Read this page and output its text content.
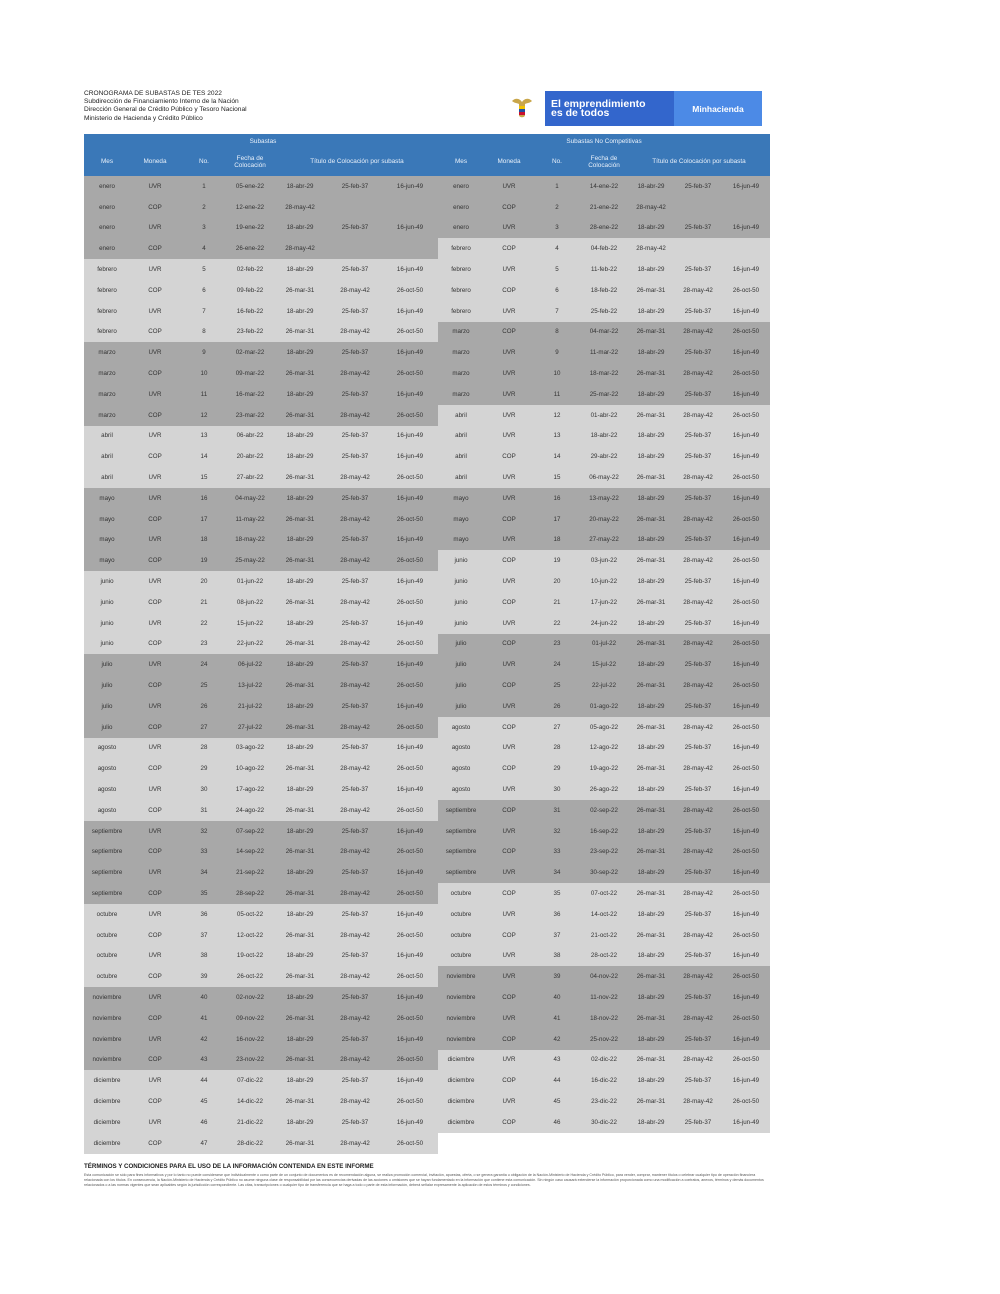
CRONOGRAMA DE SUBASTAS DE TES 2022
Subdirección de Financiamiento Interno de la Nación
Dirección General de Crédito Público y Tesoro Nacional
Ministerio de Hacienda y Crédito Público
El emprendimiento
es de todos	Minhacienda
Subastas
Mes	Moneda	No.
Fecha de Colocación
Título de Colocación por subasta
enero	UVR	1	05-ene-22	18-abr-29	25-feb-37	16-jun-49
enero	COP	2	12-ene-22	28-may-42
enero	UVR	3	19-ene-22	18-abr-29	25-feb-37	16-jun-49
enero	COP	4	26-ene-22	28-may-42
febrero	UVR	5	02-feb-22	18-abr-29	25-feb-37	16-jun-49
febrero	COP	6	09-feb-22	26-mar-31	28-may-42	26-oct-50
febrero	UVR	7	16-feb-22	18-abr-29	25-feb-37	16-jun-49
febrero	COP	8	23-feb-22	26-mar-31	28-may-42	26-oct-50
marzo	UVR	9	02-mar-22	18-abr-29	25-feb-37	16-jun-49
marzo	COP	10	09-mar-22	26-mar-31	28-may-42	26-oct-50
marzo	UVR	11	16-mar-22	18-abr-29	25-feb-37	16-jun-49
marzo	COP	12	23-mar-22	26-mar-31	28-may-42	26-oct-50
abril	UVR	13	06-abr-22	18-abr-29	25-feb-37	16-jun-49
abril	COP	14	20-abr-22	18-abr-29	25-feb-37	16-jun-49
abril	UVR	15	27-abr-22	26-mar-31	28-may-42	26-oct-50
mayo	UVR	16	04-may-22	18-abr-29	25-feb-37	16-jun-49
mayo	COP	17	11-may-22	26-mar-31	28-may-42	26-oct-50
mayo	UVR	18	18-may-22	18-abr-29	25-feb-37	16-jun-49
mayo	COP	19	25-may-22	26-mar-31	28-may-42	26-oct-50
junio	UVR	20	01-jun-22	18-abr-29	25-feb-37	16-jun-49
junio	COP	21	08-jun-22	26-mar-31	28-may-42	26-oct-50
junio	UVR	22	15-jun-22	18-abr-29	25-feb-37	16-jun-49
junio	COP	23	22-jun-22	26-mar-31	28-may-42	26-oct-50
julio	UVR	24	06-jul-22	18-abr-29	25-feb-37	16-jun-49
julio	COP	25	13-jul-22	26-mar-31	28-may-42	26-oct-50
julio	UVR	26	21-jul-22	18-abr-29	25-feb-37	16-jun-49
julio	COP	27	27-jul-22	26-mar-31	28-may-42	26-oct-50
agosto	UVR	28	03-ago-22	18-abr-29	25-feb-37	16-jun-49
agosto	COP	29	10-ago-22	26-mar-31	28-may-42	26-oct-50
agosto	UVR	30	17-ago-22	18-abr-29	25-feb-37	16-jun-49
agosto	COP	31	24-ago-22	26-mar-31	28-may-42	26-oct-50
septiembre	UVR	32	07-sep-22	18-abr-29	25-feb-37	16-jun-49
septiembre	COP	33	14-sep-22	26-mar-31	28-may-42	26-oct-50
septiembre	UVR	34	21-sep-22	18-abr-29	25-feb-37	16-jun-49
septiembre	COP	35	28-sep-22	26-mar-31	28-may-42	26-oct-50
octubre	UVR	36	05-oct-22	18-abr-29	25-feb-37	16-jun-49
octubre	COP	37	12-oct-22	26-mar-31	28-may-42	26-oct-50
octubre	UVR	38	19-oct-22	18-abr-29	25-feb-37	16-jun-49
octubre	COP	39	26-oct-22	26-mar-31	28-may-42	26-oct-50
noviembre	UVR	40	02-nov-22	18-abr-29	25-feb-37	16-jun-49
noviembre	COP	41	09-nov-22	26-mar-31	28-may-42	26-oct-50
noviembre	UVR	42	16-nov-22	18-abr-29	25-feb-37	16-jun-49
noviembre	COP	43	23-nov-22	26-mar-31	28-may-42	26-oct-50
diciembre	UVR	44	07-dic-22	18-abr-29	25-feb-37	16-jun-49
diciembre	COP	45	14-dic-22	26-mar-31	28-may-42	26-oct-50
diciembre	UVR	46	21-dic-22	18-abr-29	25-feb-37	16-jun-49
diciembre	COP	47	28-dic-22	26-mar-31	28-may-42	26-oct-50
Subastas No Competitivas
Mes	Moneda	No.
Fecha de Colocación
Título de Colocación por subasta
enero	UVR	1	14-ene-22	18-abr-29	25-feb-37	16-jun-49
enero	COP	2	21-ene-22	28-may-42
enero	UVR	3	28-ene-22	18-abr-29	25-feb-37	16-jun-49
febrero	COP	4	04-feb-22	28-may-42
febrero	UVR	5	11-feb-22	18-abr-29	25-feb-37	16-jun-49
febrero	COP	6	18-feb-22	26-mar-31	28-may-42	26-oct-50
febrero	UVR	7	25-feb-22	18-abr-29	25-feb-37	16-jun-49
marzo	COP	8	04-mar-22	26-mar-31	28-may-42	26-oct-50
marzo	UVR	9	11-mar-22	18-abr-29	25-feb-37	16-jun-49
marzo	UVR	10	18-mar-22	26-mar-31	28-may-42	26-oct-50
marzo	UVR	11	25-mar-22	18-abr-29	25-feb-37	16-jun-49
abril	UVR	12	01-abr-22	26-mar-31	28-may-42	26-oct-50
abril	UVR	13	18-abr-22	18-abr-29	25-feb-37	16-jun-49
abril	COP	14	29-abr-22	18-abr-29	25-feb-37	16-jun-49
abril	UVR	15	06-may-22	26-mar-31	28-may-42	26-oct-50
mayo	UVR	16	13-may-22	18-abr-29	25-feb-37	16-jun-49
mayo	COP	17	20-may-22	26-mar-31	28-may-42	26-oct-50
mayo	UVR	18	27-may-22	18-abr-29	25-feb-37	16-jun-49
junio	COP	19	03-jun-22	26-mar-31	28-may-42	26-oct-50
junio	UVR	20	10-jun-22	18-abr-29	25-feb-37	16-jun-49
junio	COP	21	17-jun-22	26-mar-31	28-may-42	26-oct-50
junio	UVR	22	24-jun-22	18-abr-29	25-feb-37	16-jun-49
julio	COP	23	01-jul-22	26-mar-31	28-may-42	26-oct-50
julio	UVR	24	15-jul-22	18-abr-29	25-feb-37	16-jun-49
julio	COP	25	22-jul-22	26-mar-31	28-may-42	26-oct-50
julio	UVR	26	01-ago-22	18-abr-29	25-feb-37	16-jun-49
agosto	COP	27	05-ago-22	26-mar-31	28-may-42	26-oct-50
agosto	UVR	28	12-ago-22	18-abr-29	25-feb-37	16-jun-49
agosto	COP	29	19-ago-22	26-mar-31	28-may-42	26-oct-50
agosto	UVR	30	26-ago-22	18-abr-29	25-feb-37	16-jun-49
septiembre	COP	31	02-sep-22	26-mar-31	28-may-42	26-oct-50
septiembre	UVR	32	16-sep-22	18-abr-29	25-feb-37	16-jun-49
septiembre	COP	33	23-sep-22	26-mar-31	28-may-42	26-oct-50
septiembre	UVR	34	30-sep-22	18-abr-29	25-feb-37	16-jun-49
octubre	COP	35	07-oct-22	26-mar-31	28-may-42	26-oct-50
octubre	UVR	36	14-oct-22	18-abr-29	25-feb-37	16-jun-49
octubre	COP	37	21-oct-22	26-mar-31	28-may-42	26-oct-50
octubre	UVR	38	28-oct-22	18-abr-29	25-feb-37	16-jun-49
noviembre	UVR	39	04-nov-22	26-mar-31	28-may-42	26-oct-50
noviembre	COP	40	11-nov-22	18-abr-29	25-feb-37	16-jun-49
noviembre	UVR	41	18-nov-22	26-mar-31	28-may-42	26-oct-50
noviembre	COP	42	25-nov-22	18-abr-29	25-feb-37	16-jun-49
diciembre	UVR	43	02-dic-22	26-mar-31	28-may-42	26-oct-50
diciembre	COP	44	16-dic-22	18-abr-29	25-feb-37	16-jun-49
diciembre	UVR	45	23-dic-22	26-mar-31	28-may-42	26-oct-50
diciembre	COP	46	30-dic-22	18-abr-29	25-feb-37	16-jun-49
TÉRMINOS Y CONDICIONES PARA EL USO DE LA INFORMACIÓN CONTENIDA EN ESTE INFORME
Esta comunicación se sólo para fines informativos y por lo tanto no puede considerarse que individualmente o como parte de un conjunto de documentos es de recomendación alguna, se realiza promoción comercial, invitación, apuestas, oferta, o se genera garantía u obligación de la Nación-Ministerio de Hacienda y Crédito Público, para vender, comprar, mantener títulos o celebrar cualquier tipo de operación financiera relacionada con los títulos. En consecuencia, la Nación-Ministerio de Hacienda y Crédito Público no asume ninguna clase de responsabilidad por las consecuencias derivadas de las acciones u omisiones que se hayan fundamentado en la información que contiene esta comunicación. Sin ningún caso causará extenderse la información proporcionada como una modificación a contratos, anexos, términos y demás documentos relacionados o a las normas vigentes que sean aplicables según la jurisdicción correspondiente. Las citas, transcripciones o cualquier tipo de transferencia que se haga a todo o parte de esta información, deberá señalar expresamente la aplicación de estos términos y condiciones.
